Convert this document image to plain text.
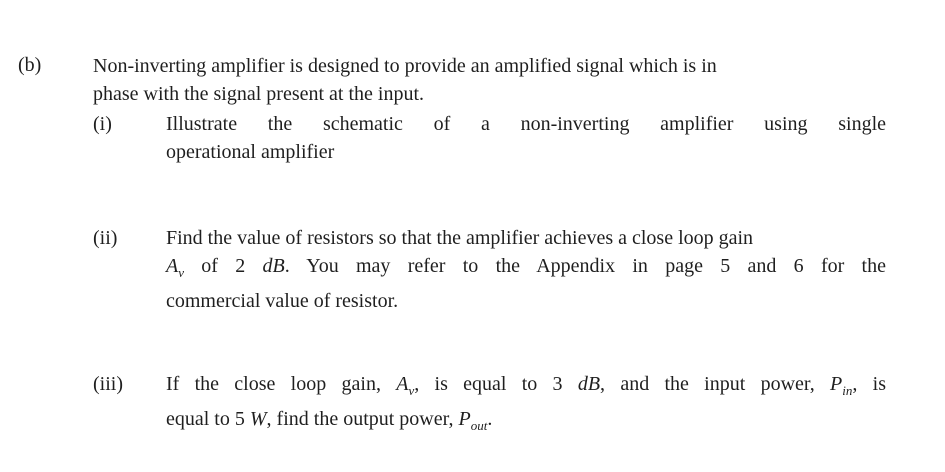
(b)	Non-inverting amplifier is designed to provide an amplified signal which is in
phase with the signal present at the input.
(i)	Illustrate the schematic of a non-inverting amplifier using single
operational amplifier
(ii) Find the value of resistors so that the amplifier achieves a close loop gain
$A_v$ of 2 dB. You may refer to the Appendix in page 5 and 6 for the
commercial value of resistor.
(iii) If the close loop gain, $A_v$, is equal to 3 dB, and the input power, $P_{in}$, is
equal to 5 W, find the output power, $P_{out}$.
